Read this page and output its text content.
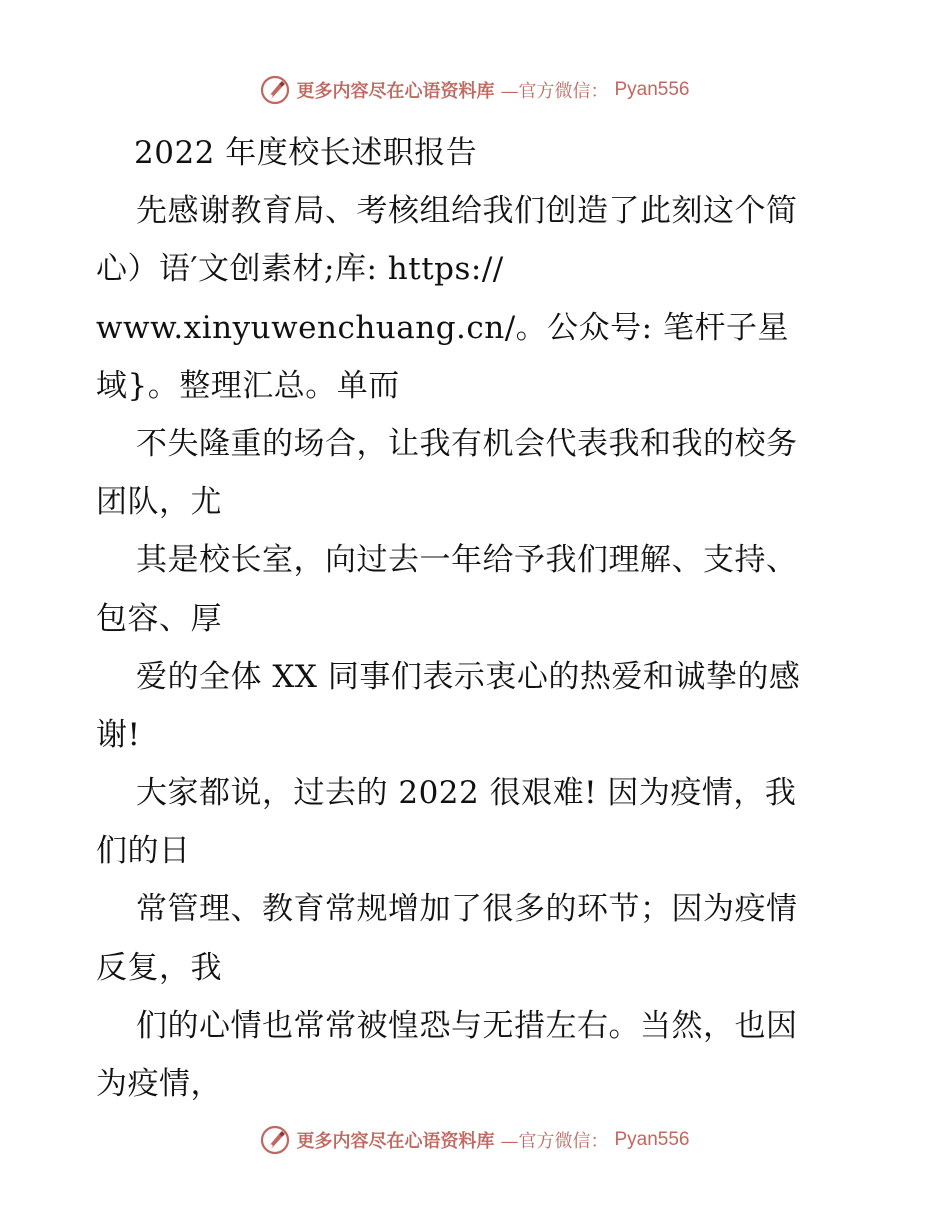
更多内容尽在心语资料库 —官方微信： Pyan556
2022 年度校长述职报告
先感谢教育局、考核组给我们创造了此刻这个简
心）语′文创素材;库: https://
www.xinyuwenchuang.cn/。公众号: 笔杆子星
域}。整理汇总。单而
不失隆重的场合，让我有机会代表我和我的校务
团队，尤
其是校长室，向过去一年给予我们理解、支持、
包容、厚
爱的全体 XX 同事们表示衷心的热爱和诚挚的感
谢!
大家都说，过去的 2022 很艰难! 因为疫情，我
们的日
常管理、教育常规增加了很多的环节；因为疫情
反复，我
们的心情也常常被惶恐与无措左右。当然，也因
为疫情，
更多内容尽在心语资料库 —官方微信： Pyan556
